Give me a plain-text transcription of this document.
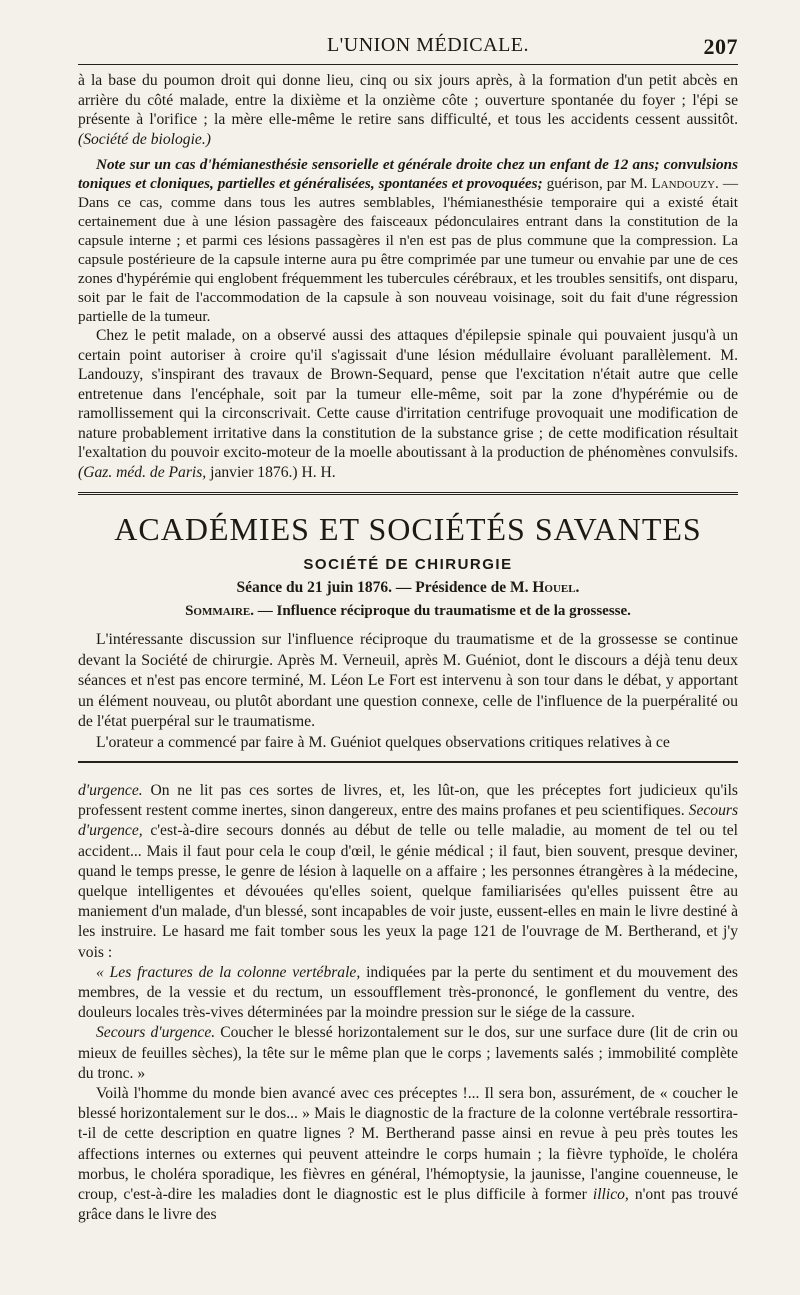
L'UNION MÉDICALE.	207

à la base du poumon droit qui donne lieu, cinq ou six jours après, à la formation d'un petit abcès en arrière du côté malade, entre la dixième et la onzième côte ; ouverture spontanée du foyer ; l'épi se présente à l'orifice ; la mère elle-même le retire sans difficulté, et tous les accidents cessent aussitôt. (Société de biologie.)

Note sur un cas d'hémianesthésie sensorielle et générale droite chez un enfant de 12 ans; convulsions toniques et cloniques, partielles et généralisées, spontanées et provoquées; guérison, par M. Landouzy. — Dans ce cas, comme dans tous les autres semblables, l'hémianesthésie temporaire qui a existé était certainement due à une lésion passagère des faisceaux pédonculaires entrant dans la constitution de la capsule interne ; et parmi ces lésions passagères il n'en est pas de plus commune que la compression. La capsule postérieure de la capsule interne aura pu être comprimée par une tumeur ou envahie par une de ces zones d'hypérémie qui englobent fréquemment les tubercules cérébraux, et les troubles sensitifs, ont disparu, soit par le fait de l'accommodation de la capsule à son nouveau voisinage, soit du fait d'une régression partielle de la tumeur.

Chez le petit malade, on a observé aussi des attaques d'épilepsie spinale qui pouvaient jusqu'à un certain point autoriser à croire qu'il s'agissait d'une lésion médullaire évoluant parallèlement. M. Landouzy, s'inspirant des travaux de Brown-Sequard, pense que l'excitation n'était autre que celle entretenue dans l'encéphale, soit par la tumeur elle-même, soit par la zone d'hypérémie ou de ramollissement qui la circonscrivait. Cette cause d'irritation centrifuge provoquait une modification de nature probablement irritative dans la constitution de la substance grise ; de cette modification résultait l'exaltation du pouvoir excito-moteur de la moelle aboutissant à la production de phénomènes convulsifs. (Gaz. méd. de Paris, janvier 1876.) H. H.

ACADÉMIES ET SOCIÉTÉS SAVANTES
SOCIÉTÉ DE CHIRURGIE
Séance du 21 juin 1876. — Présidence de M. Houel.
Sommaire. — Influence réciproque du traumatisme et de la grossesse.

L'intéressante discussion sur l'influence réciproque du traumatisme et de la grossesse se continue devant la Société de chirurgie. Après M. Verneuil, après M. Guéniot, dont le discours a déjà tenu deux séances et n'est pas encore terminé, M. Léon Le Fort est intervenu à son tour dans le débat, y apportant un élément nouveau, ou plutôt abordant une question connexe, celle de l'influence de la puerpéralité ou de l'état puerpéral sur le traumatisme.

L'orateur a commencé par faire à M. Guéniot quelques observations critiques relatives à ce

d'urgence. On ne lit pas ces sortes de livres, et, les lût-on, que les préceptes fort judicieux qu'ils professent restent comme inertes, sinon dangereux, entre des mains profanes et peu scientifiques. Secours d'urgence, c'est-à-dire secours donnés au début de telle ou telle maladie, au moment de tel ou tel accident... Mais il faut pour cela le coup d'œil, le génie médical ; il faut, bien souvent, presque deviner, quand le temps presse, le genre de lésion à laquelle on a affaire ; les personnes étrangères à la médecine, quelque intelligentes et dévouées qu'elles soient, quelque familiarisées qu'elles puissent être au maniement d'un malade, d'un blessé, sont incapables de voir juste, eussent-elles en main le livre destiné à les instruire. Le hasard me fait tomber sous les yeux la page 121 de l'ouvrage de M. Bertherand, et j'y vois :

« Les fractures de la colonne vertébrale, indiquées par la perte du sentiment et du mouvement des membres, de la vessie et du rectum, un essoufflement très-prononcé, le gonflement du ventre, des douleurs locales très-vives déterminées par la moindre pression sur le siége de la cassure.

Secours d'urgence. Coucher le blessé horizontalement sur le dos, sur une surface dure (lit de crin ou mieux de feuilles sèches), la tête sur le même plan que le corps ; lavements salés ; immobilité complète du tronc. »

Voilà l'homme du monde bien avancé avec ces préceptes !... Il sera bon, assurément, de « coucher le blessé horizontalement sur le dos... » Mais le diagnostic de la fracture de la colonne vertébrale ressortira-t-il de cette description en quatre lignes ? M. Bertherand passe ainsi en revue à peu près toutes les affections internes ou externes qui peuvent atteindre le corps humain ; la fièvre typhoïde, le choléra morbus, le choléra sporadique, les fièvres en général, l'hémoptysie, la jaunisse, l'angine couenneuse, le croup, c'est-à-dire les maladies dont le diagnostic est le plus difficile à former illico, n'ont pas trouvé grâce dans le livre des
